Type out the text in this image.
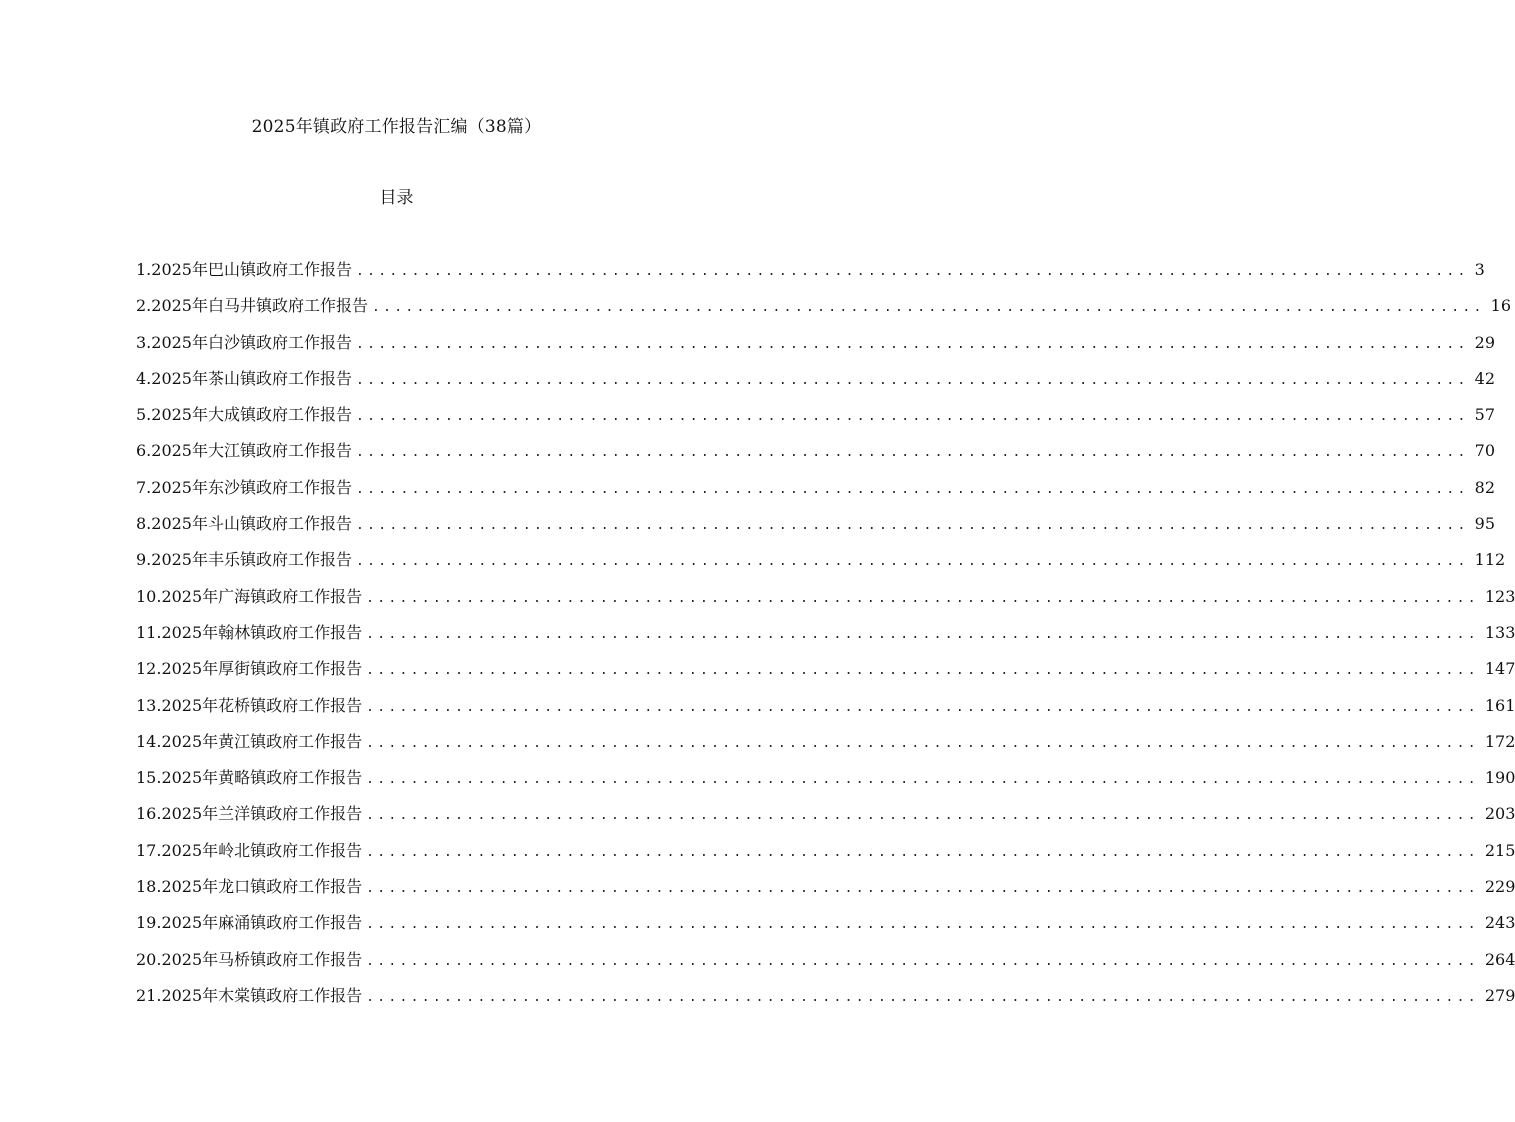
2025年镇政府工作报告汇编（38篇）
目录
1.2025年巴山镇政府工作报告 .................................................................................................... 3
2.2025年白马井镇政府工作报告 .................................................................................................... 16
3.2025年白沙镇政府工作报告 .................................................................................................... 29
4.2025年茶山镇政府工作报告 .................................................................................................... 42
5.2025年大成镇政府工作报告 .................................................................................................... 57
6.2025年大江镇政府工作报告 .................................................................................................... 70
7.2025年东沙镇政府工作报告 .................................................................................................... 82
8.2025年斗山镇政府工作报告 .................................................................................................... 95
9.2025年丰乐镇政府工作报告 .................................................................................................... 112
10.2025年广海镇政府工作报告 .................................................................................................... 123
11.2025年翰林镇政府工作报告 .................................................................................................... 133
12.2025年厚街镇政府工作报告 .................................................................................................... 147
13.2025年花桥镇政府工作报告 .................................................................................................... 161
14.2025年黄江镇政府工作报告 .................................................................................................... 172
15.2025年黄略镇政府工作报告 .................................................................................................... 190
16.2025年兰洋镇政府工作报告 .................................................................................................... 203
17.2025年岭北镇政府工作报告 .................................................................................................... 215
18.2025年龙口镇政府工作报告 .................................................................................................... 229
19.2025年麻涌镇政府工作报告 .................................................................................................... 243
20.2025年马桥镇政府工作报告 .................................................................................................... 264
21.2025年木棠镇政府工作报告 .................................................................................................... 279
